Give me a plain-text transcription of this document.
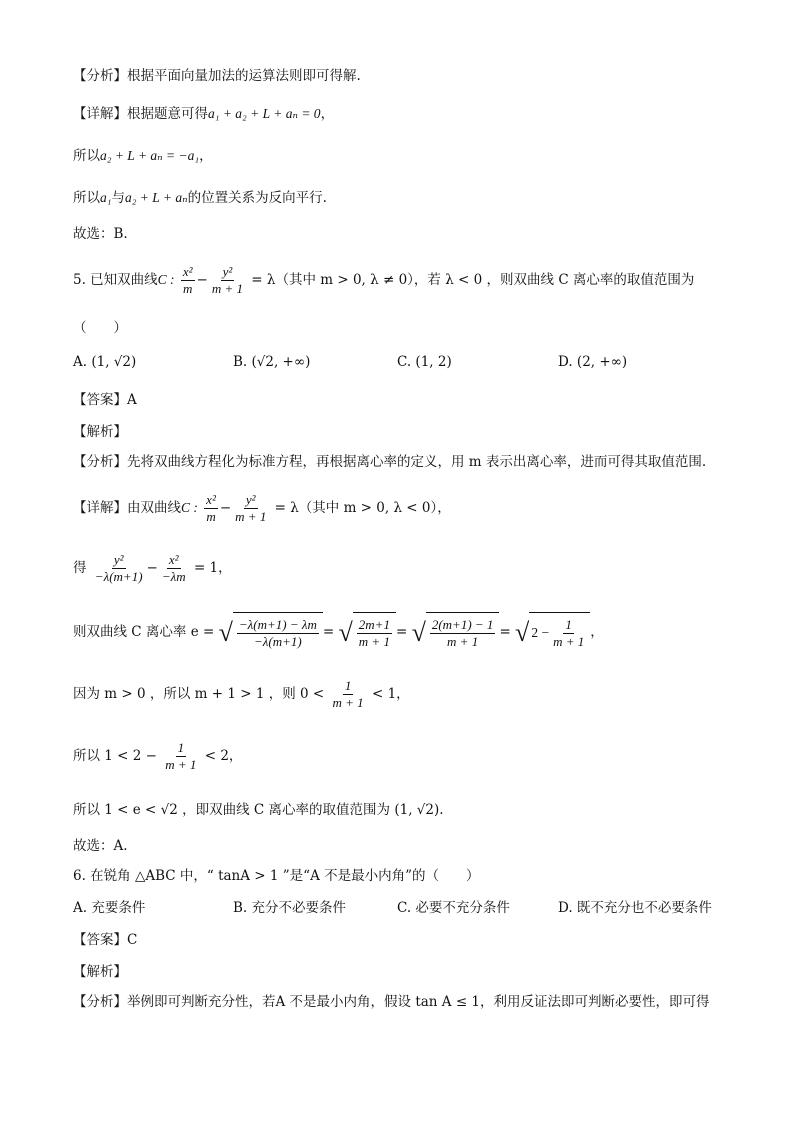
【分析】根据平面向量加法的运算法则即可得解.
【详解】根据题意可得a₁ + a₂ + L + aₙ = 0，
所以a₂ + L + aₙ = −a₁，
所以a₁与a₂ + L + aₙ的位置关系为反向平行.
故选：B.
5. 已知双曲线C : $\frac{\text{x²}}{m} - \frac{\text{y²}}{m + 1} = \lambda$（其中 m > 0, λ ≠ 0），若 λ < 0 ，则双曲线 C 离心率的取值范围为
（　　）
A. (1, √2)	B. (√2, +∞)	C. (1, 2)	D. (2, +∞)
【答案】A
【解析】
【分析】先将双曲线方程化为标准方程，再根据离心率的定义，用 m 表示出离心率，进而可得其取值范围.
【详解】由双曲线C : $\frac{\text{x²}}{m} - \frac{\text{y²}}{m + 1} = \lambda$（其中 m > 0, λ < 0），
得 $\frac{\text{y²}}{-\lambda(m+1)} - \frac{\text{x²}}{-\lambda m} = 1$，
则双曲线 C 离心率 e = √ $\frac{-\lambda(m+1) - \lambda m}{-\lambda(m+1)}$ = √ $\frac{2m+1}{m + 1}$ = √ $\frac{2(m+1) - 1}{m + 1}$ = √ $2 - \frac{1}{m + 1}$ ，
因为 m > 0 ，所以 m + 1 > 1 ，则 $0 < \frac{1}{m + 1} < 1$，
所以 $1 < 2 - \frac{1}{m + 1} < 2$，
所以 1 < e < √2 ，即双曲线 C 离心率的取值范围为 (1, √2).
故选：A.
6. 在锐角 △ABC 中，“ tanA > 1 ”是“A 不是最小内角”的（　　）
A. 充要条件	B. 充分不必要条件	C. 必要不充分条件	D. 既不充分也不必要条件
【答案】C
【解析】
【分析】举例即可判断充分性，若A 不是最小内角，假设 tan A ≤ 1，利用反证法即可判断必要性，即可得
